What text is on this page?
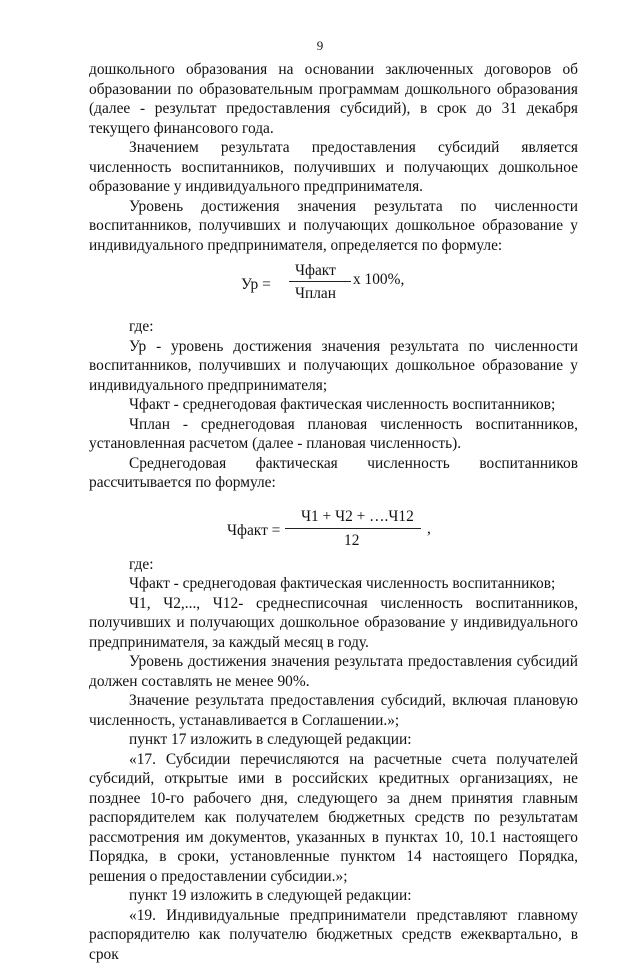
9

дошкольного образования на основании заключенных договоров об образовании по образовательным программам дошкольного образования (далее - результат предоставления субсидий), в срок до 31 декабря текущего финансового года.

Значением результата предоставления субсидий является численность воспитанников, получивших и получающих дошкольное образование у индивидуального предпринимателя.

Уровень достижения значения результата по численности воспитанников, получивших и получающих дошкольное образование у индивидуального предпринимателя, определяется по формуле:

Ур =
Чфакт
Чплан
x 100%,

где:

Ур - уровень достижения значения результата по численности воспитанников, получивших и получающих дошкольное образование у индивидуального предпринимателя;

Чфакт - среднегодовая фактическая численность воспитанников;

Чплан - среднегодовая плановая численность воспитанников, установленная расчетом (далее - плановая численность).

Среднегодовая фактическая численность воспитанников рассчитывается по формуле:

Чфакт =
Ч1 + Ч2 + ….Ч12
12
,

где:

Чфакт - среднегодовая фактическая численность воспитанников;

Ч1, Ч2,..., Ч12- среднесписочная численность воспитанников, получивших и получающих дошкольное образование у индивидуального предпринимателя, за каждый месяц в году.

Уровень достижения значения результата предоставления субсидий должен составлять не менее 90%.

Значение результата предоставления субсидий, включая плановую численность, устанавливается в Соглашении.»;

пункт 17 изложить в следующей редакции:

«17. Субсидии перечисляются на расчетные счета получателей субсидий, открытые ими в российских кредитных организациях, не позднее 10-го рабочего дня, следующего за днем принятия главным распорядителем как получателем бюджетных средств по результатам рассмотрения им документов, указанных в пунктах 10, 10.1 настоящего Порядка, в сроки, установленные пунктом 14 настоящего Порядка, решения о предоставлении субсидии.»;

пункт 19 изложить в следующей редакции:

«19. Индивидуальные предприниматели представляют главному распорядителю как получателю бюджетных средств ежеквартально, в срок
